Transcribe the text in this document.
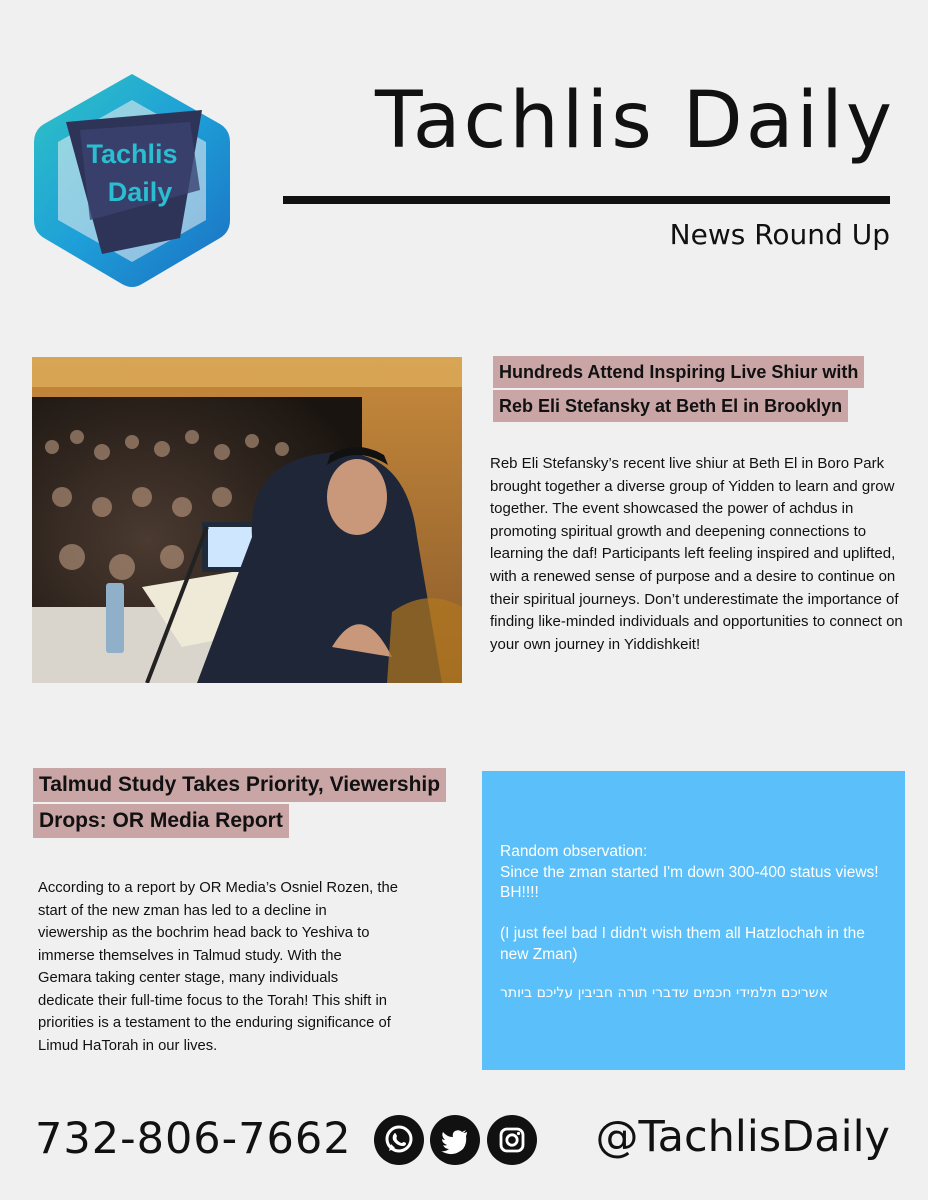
Tachlis
Daily
Tachlis Daily
News Round Up
Hundreds Attend Inspiring Live Shiur with
Reb Eli Stefansky at Beth El in Brooklyn
Reb Eli Stefansky’s recent live shiur at Beth El in Boro Park brought together a diverse group of Yidden to learn and grow together. The event showcased the power of achdus in promoting spiritual growth and deepening connections to learning the daf! Participants left feeling inspired and uplifted, with a renewed sense of purpose and a desire to continue on their spiritual journeys. Don’t underestimate the importance of finding like-minded individuals and opportunities to connect on your own journey in Yiddishkeit!
Talmud Study Takes Priority, Viewership
Drops: OR Media Report
According to a report by OR Media’s Osniel Rozen, the start of the new zman has led to a decline in viewership as the bochrim head back to Yeshiva to immerse themselves in Talmud study. With the Gemara taking center stage, many individuals dedicate their full-time focus to the Torah! This shift in priorities is a testament to the enduring significance of Limud HaTorah in our lives.

Random observation:

Since the zman started I'm down 300-400 status views! BH!!!!

(I just feel bad I didn't wish them all Hatzlochah in the new Zman)

אשריכם תלמידי חכמים שדברי תורה חביבין עליכם ביותר
732-806-7662	@TachlisDaily
